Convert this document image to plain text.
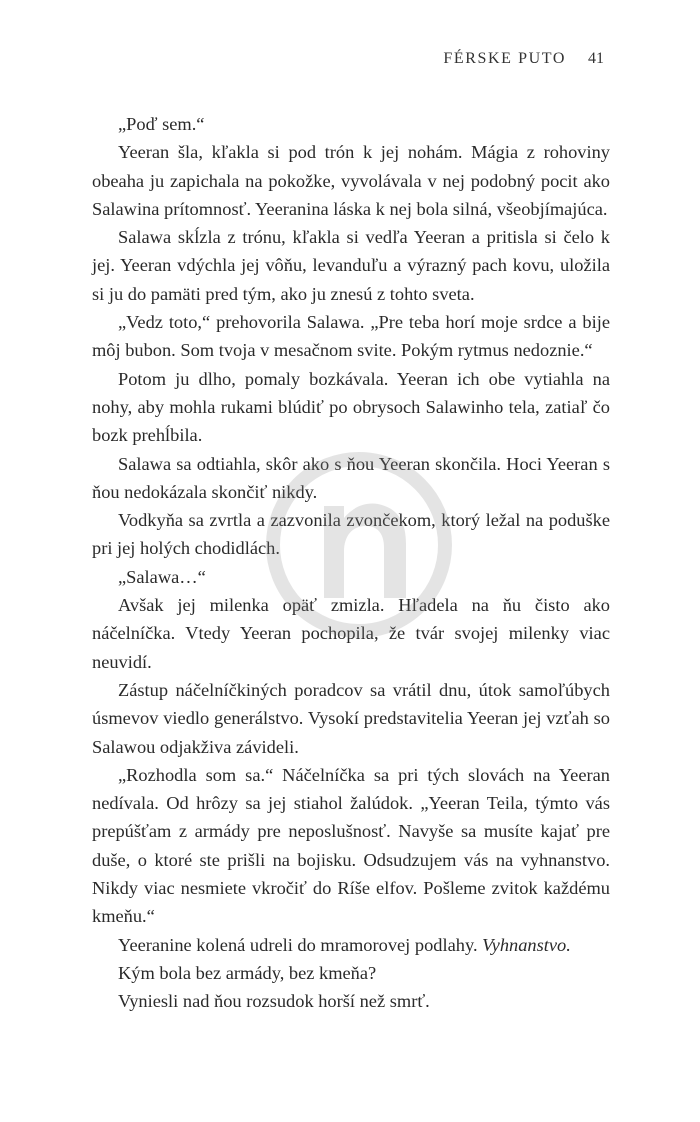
FÉRSKE PUTO 41

„Poď sem.“

Yeeran šla, kľakla si pod trón k jej nohám. Mágia z rohoviny obeaha ju zapichala na pokožke, vyvolávala v nej podobný pocit ako Salawina prítomnosť. Yeeranina láska k nej bola silná, všeobjímajúca.

Salawa skĺzla z trónu, kľakla si vedľa Yeeran a pritisla si čelo k jej. Yeeran vdýchla jej vôňu, levanduľu a výrazný pach kovu, uložila si ju do pamäti pred tým, ako ju znesú z tohto sveta.

„Vedz toto,“ prehovorila Salawa. „Pre teba horí moje srdce a bije môj bubon. Som tvoja v mesačnom svite. Pokým rytmus nedoznie.“

Potom ju dlho, pomaly bozkávala. Yeeran ich obe vytiahla na nohy, aby mohla rukami blúdiť po obrysoch Salawinho tela, zatiaľ čo bozk prehĺbila.

Salawa sa odtiahla, skôr ako s ňou Yeeran skončila. Hoci Yeeran s ňou nedokázala skončiť nikdy.

Vodkyňa sa zvrtla a zazvonila zvončekom, ktorý ležal na poduške pri jej holých chodidlách.

„Salawa…“

Avšak jej milenka opäť zmizla. Hľadela na ňu čisto ako náčelníčka. Vtedy Yeeran pochopila, že tvár svojej milenky viac neuvidí.

Zástup náčelníčkiných poradcov sa vrátil dnu, útok samoľúbych úsmevov viedlo generálstvo. Vysokí predstavitelia Yeeran jej vzťah so Salawou odjakživa závideli.

„Rozhodla som sa.“ Náčelníčka sa pri tých slovách na Yeeran nedívala. Od hrôzy sa jej stiahol žalúdok. „Yeeran Teila, týmto vás prepúšťam z armády pre neposlušnosť. Navyše sa musíte kajať pre duše, o ktoré ste prišli na bojisku. Odsudzujem vás na vyhnanstvo. Nikdy viac nesmiete vkročiť do Ríše elfov. Pošleme zvitok každému kmeňu.“

Yeeranine kolená udreli do mramorovej podlahy. Vyhnanstvo.

Kým bola bez armády, bez kmeňa?

Vyniesli nad ňou rozsudok horší než smrť.
